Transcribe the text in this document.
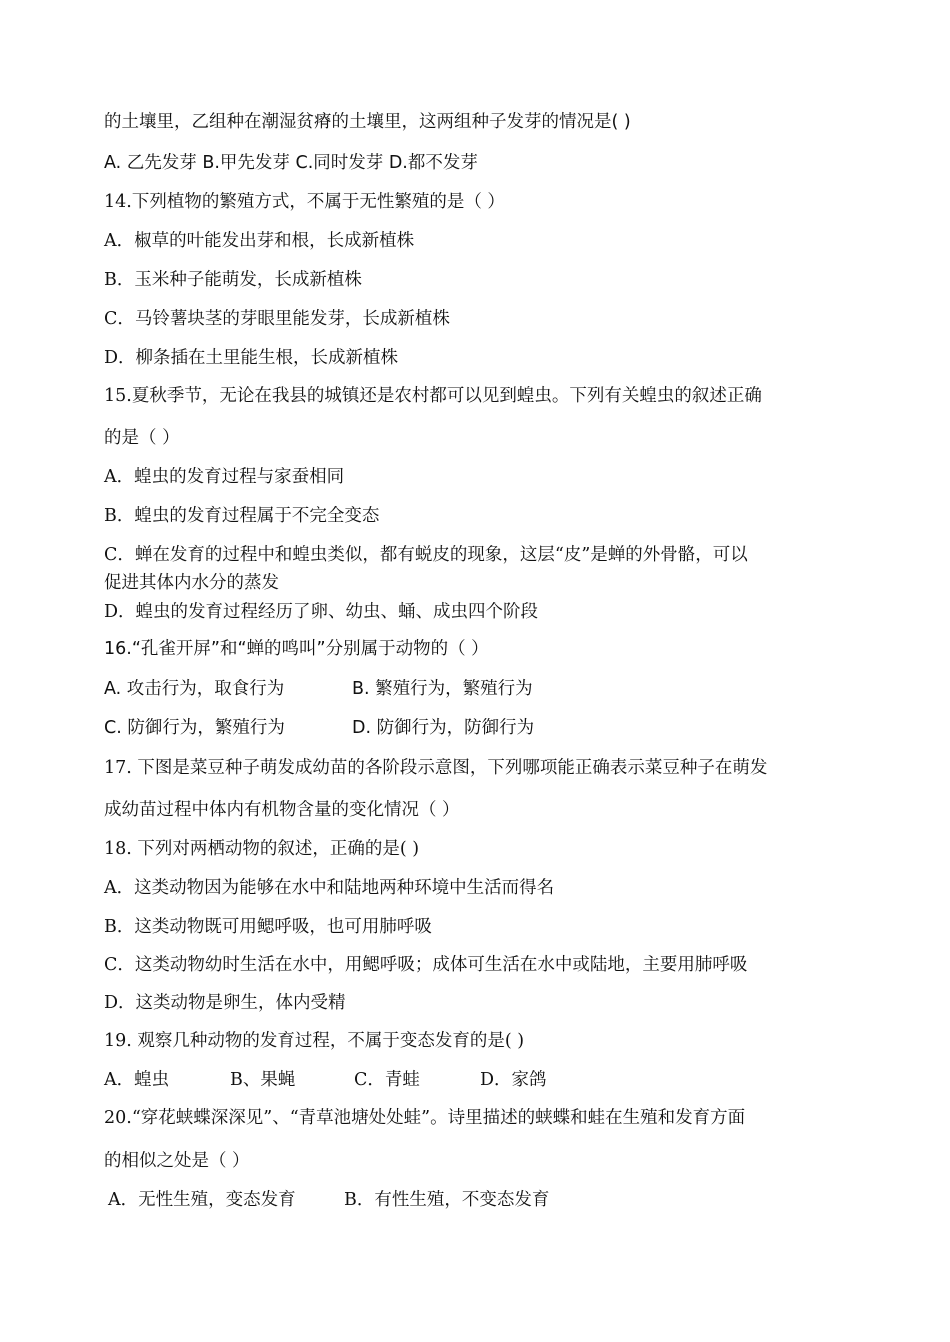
的土壤里，乙组种在潮湿贫瘠的土壤里，这两组种子发芽的情况是( )
A. 乙先发芽 B.甲先发芽 C.同时发芽 D.都不发芽
14.下列植物的繁殖方式，不属于无性繁殖的是（ ）
A．椒草的叶能发出芽和根，长成新植株
B．玉米种子能萌发，长成新植株
C．马铃薯块茎的芽眼里能发芽，长成新植株
D．柳条插在土里能生根，长成新植株
15.夏秋季节，无论在我县的城镇还是农村都可以见到蝗虫。下列有关蝗虫的叙述正确
的是（ ）
A．蝗虫的发育过程与家蚕相同
B．蝗虫的发育过程属于不完全变态
C．蝉在发育的过程中和蝗虫类似，都有蜕皮的现象，这层“皮”是蝉的外骨骼，可以
促进其体内水分的蒸发
D．蝗虫的发育过程经历了卵、幼虫、蛹、成虫四个阶段
16.“孔雀开屏”和“蝉的鸣叫”分别属于动物的（ ）
A. 攻击行为，取食行为	B. 繁殖行为，繁殖行为
C. 防御行为，繁殖行为	D. 防御行为，防御行为
17. 下图是菜豆种子萌发成幼苗的各阶段示意图，下列哪项能正确表示菜豆种子在萌发
成幼苗过程中体内有机物含量的变化情况（ ）
18. 下列对两栖动物的叙述，正确的是( )
A．这类动物因为能够在水中和陆地两种环境中生活而得名
B．这类动物既可用鳃呼吸，也可用肺呼吸
C．这类动物幼时生活在水中，用鳃呼吸；成体可生活在水中或陆地，主要用肺呼吸
D．这类动物是卵生，体内受精
19. 观察几种动物的发育过程，不属于变态发育的是( )
A．蝗虫	B、果蝇	C．青蛙	D．家鸽
20.“穿花蛱蝶深深见”、“青草池塘处处蛙”。诗里描述的蛱蝶和蛙在生殖和发育方面
的相似之处是（ ）
A．无性生殖，变态发育	B．有性生殖，不变态发育
